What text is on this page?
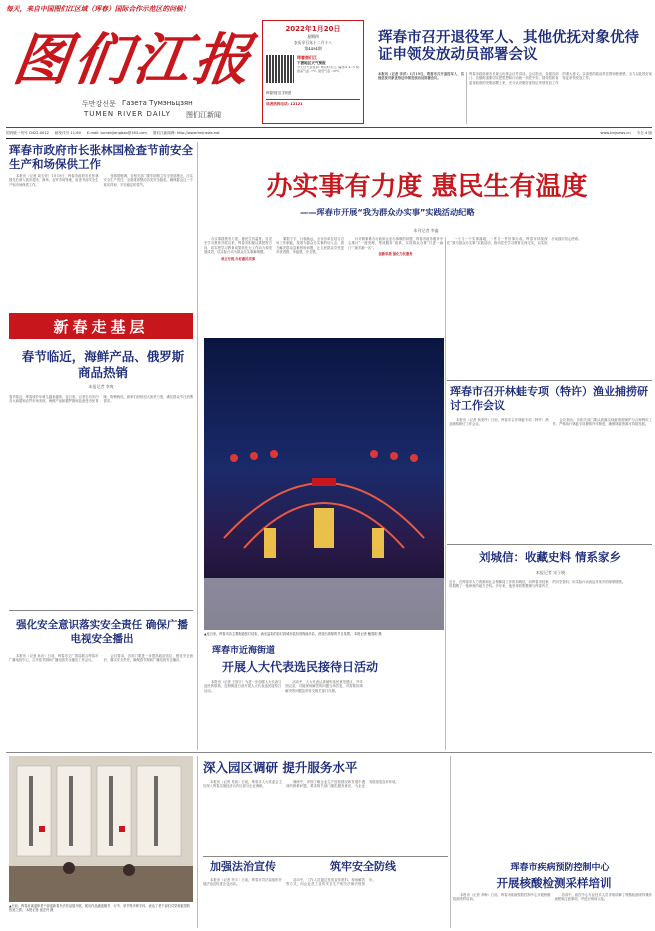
每天，来自中国图们江区域（珲春）国际合作示范区的问候！
图们江报
두만강신문 Газета Тумэньцзян
TUMEN RIVER DAILY 图们江新闻
2022年1月20日
星期四
农历辛丑年十二月十八
第4494期
珲春图们江
下游地区天气预报
今天白天到夜间: 晴有时多云, 偏西风 4~5 级, 最高气温 -7℃, 最低气温 -18℃。
珲春图们江手机报
读者热线电话: 12121
珲春市召开退役军人、其他优抚对象优待证申领发放动员部署会议
本报讯（记者 李洋）1月19日，珲春市召开退役军人、其他优抚对象优待证申领发放动员部署会议。
珲春市政府副市长姜云出席会议并讲话。会议指出，各级各部门、各镇街道要切实把思想和行动统一到党中央、国务院和省委省政府的决策部署上来，充分认识做好优待证申领发放工作的重大意义，以高度的政治责任感和使命感，全力以赴抓好优待证申领发放工作。
国内统一刊号 CN22-0012 邮发代号 11-60 E-mail: tumenjiangbao@163.com 图们江新闻网: http://www.tmjnews.net	www.tmjnews.cn 今日 4 版
珲春市政府市长张林国检查节前安全生产和场保供工作

本报讯（记者 周玉荣）1月19日，珲春市政府市长张林国先后深入我市超市、商场、农贸市场等地，检查节前安全生产和市场保供工作。

张林国强调，各相关部门要牢固树立安全发展理念，压实安全生产责任，全面排查整治各类安全隐患，确保群众过一个欢乐祥和、平安稳定的春节。

新春走基层
春节临近，海鲜产品、俄罗斯商品热销
本报记者 李爽
春节临近，珲春城乡年味儿越来越浓，连日来，记者走访市内各大商超和农贸市场发现，海鲜产品和俄罗斯商品备受市民青睐，购销两旺。商家们纷纷加大备货力度，满足群众节日消费需求。
强化安全意识落实安全责任 确保广播电视安全播出

本报讯（记者 孙岩）日前，珲春市文广旅局联合珲春市广播电视中心，召开春节期间广播电视安全播出工作会议。

会议要求，各部门要进一步提高政治站位，强化安全意识，落实安全责任，确保春节期间广播电视安全播出。

办实事有力度 惠民生有温度
——珲春市开展“我为群众办实事”实践活动纪略
本刊记者 李鑫

办实事践察有力度，惠民生有温度。自党史学习教育开展以来，珲春市积极认真把准方向，切实把学习教育成果转化为工作动力和发展成效，以实际行动为群众办实事解难题。

成立专班 办好惠民实事

紧抓干字，行稳致远，全市各单位结合自身工作职能，找准为群众办实事的切入点，着力解决群众急难愁盼问题，让人民群众享受更多获得感、幸福感、安全感。

针对微事难办行政和企业办事难的问题，珲春市政务服务中心推行“一窗受理、集成服务”改革，实现群众办事“只进一扇门”“最多跑一次”。

创新举措 强化为民服务

一个又一个实事落地，一件又一件好事办成。珲春市持续深化“我为群众办实事”实践活动，推动党史学习教育走深走实，以实际行动践行初心使命。

▲连日来，珲春市各主要街道张灯结彩，流光溢彩的彩灯将城市装扮得绚丽多彩，营造出浓厚的节日氛围。 本报记者 鲍春阳 摄
珲春市召开林蛙专项（特许）渔业捕捞研讨工作会议

本报讯（记者 杨美玲）日前，珲春市召开林蛙专项（特许）渔业捕捞研讨工作会议。

会议指出，各相关部门要认真落实林蛙资源保护与合理利用工作，严格执行林蛙专项捕捞许可制度，确保林蛙资源可持续发展。

刘城信：收藏史料 情系家乡
本报记者 宋子晓
近日，在珲春市人力资源和社会保障局工作的刘城信，向珲春市档案馆捐赠了一批珍贵的地方史料。多年来，他坚持收集整理与珲春有关的历史资料，用实际行动表达对家乡的深厚情感。
珲春市近海街道
开展人大代表选民接待日活动

本报讯（记者 王欣宇）为进一步加强人大代表与选民的联系，近海街道日前开展人大代表选民接待日活动。

活动中，人大代表认真倾听选民意见建议，并详细记录，对能现场解答的问题当场答复，对需要协调解决的问题及时转交相关部门办理。

▲日前，珲春市离退休老干部迎新春书法作品展开展，展出作品涵盖楷书、行书、草书等多种字体，表达了老干部们对党和祖国的热爱之情。 本报记者 崔宏玲 摄
深入园区调研 提升服务水平

本报讯（记者 吴侠）日前，珲春市人大常委会主任深入珲春边境经济合作区部分企业调研。

调研中，详细了解企业生产经营情况和发展中遇到的困难问题，要求相关部门强化服务意识，为企业发展创造良好环境。

加强法治宣传	筑牢安全防线

本报讯（记者 李宇）日前，珲春市司法局组织开展法治宣传进企业活动。

活动中，工作人员通过发放宣传资料、现场解答等方式，向企业员工宣传安全生产相关法律法规知识。

珲春市疾病预防控制中心
开展核酸检测采样培训

本报讯（记者 李梅）日前，珲春市疾病预防控制中心开展核酸检测采样培训。

培训中，疾控中心专业技术人员详细讲解了核酸检测采样操作流程和注意事项，并进行现场示范。
